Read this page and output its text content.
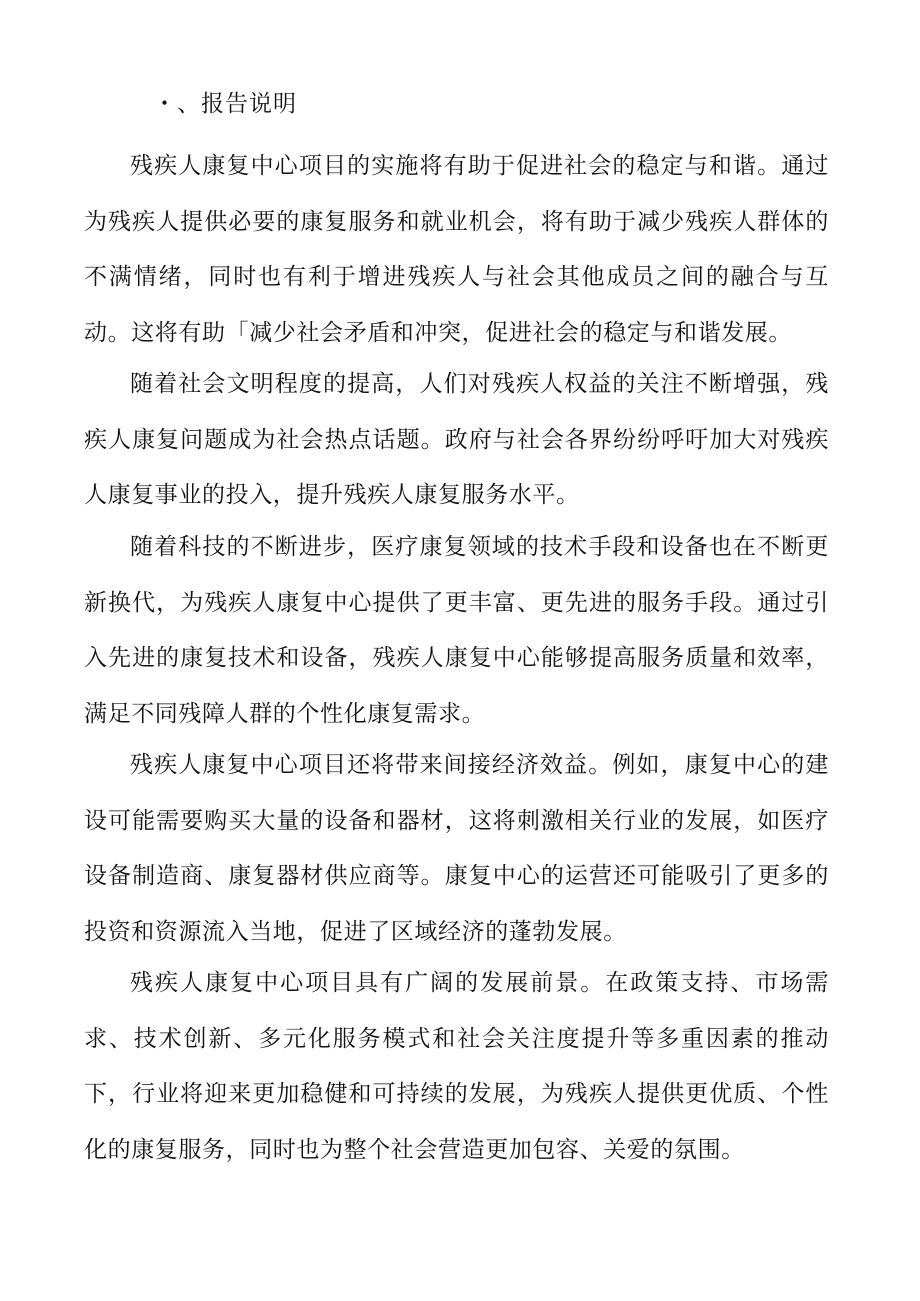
・、报告说明

残疾人康复中心项目的实施将有助于促进社会的稳定与和谐。通过为残疾人提供必要的康复服务和就业机会，将有助于减少残疾人群体的不满情绪，同时也有利于增进残疾人与社会其他成员之间的融合与互动。这将有助「减少社会矛盾和冲突，促进社会的稳定与和谐发展。

随着社会文明程度的提高，人们对残疾人权益的关注不断增强，残疾人康复问题成为社会热点话题。政府与社会各界纷纷呼吁加大对残疾人康复事业的投入，提升残疾人康复服务水平。

随着科技的不断进步，医疗康复领域的技术手段和设备也在不断更新换代，为残疾人康复中心提供了更丰富、更先进的服务手段。通过引入先进的康复技术和设备，残疾人康复中心能够提高服务质量和效率，满足不同残障人群的个性化康复需求。

残疾人康复中心项目还将带来间接经济效益。例如，康复中心的建设可能需要购买大量的设备和器材，这将刺激相关行业的发展，如医疗设备制造商、康复器材供应商等。康复中心的运营还可能吸引了更多的投资和资源流入当地，促进了区域经济的蓬勃发展。

残疾人康复中心项目具有广阔的发展前景。在政策支持、市场需求、技术创新、多元化服务模式和社会关注度提升等多重因素的推动下，行业将迎来更加稳健和可持续的发展，为残疾人提供更优质、个性化的康复服务，同时也为整个社会营造更加包容、关爱的氛围。
